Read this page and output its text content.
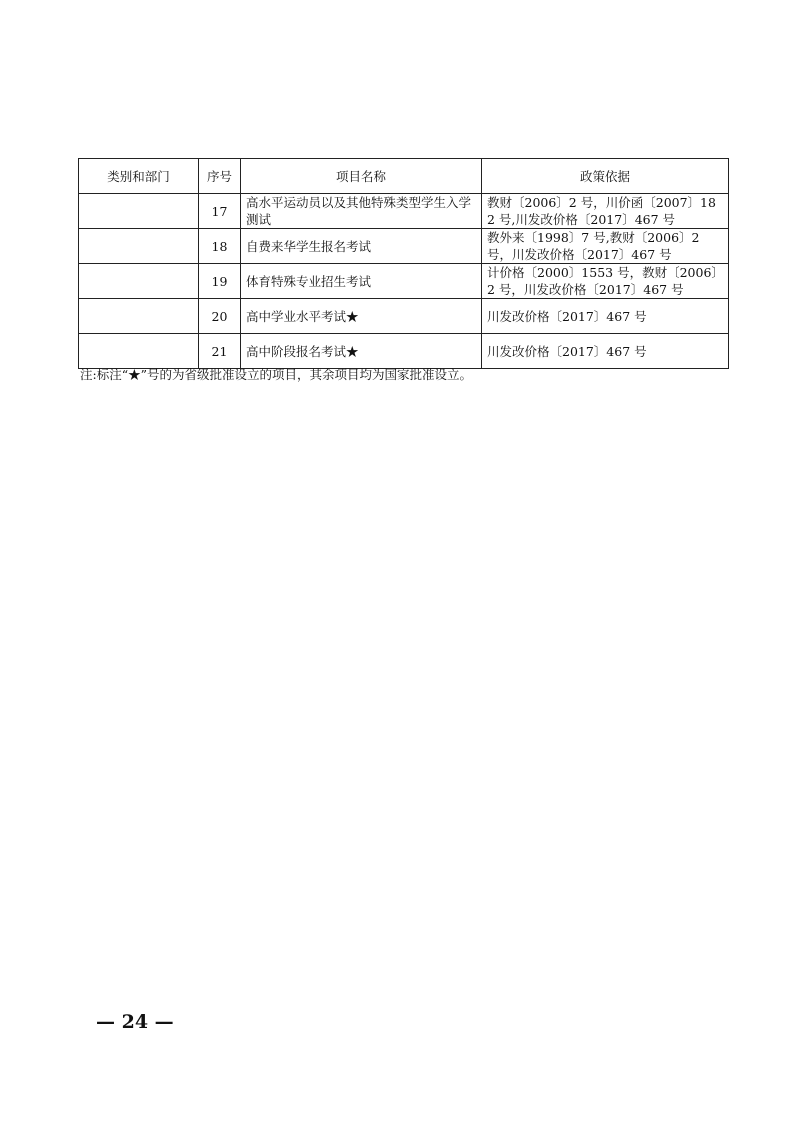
类别和部门	序号	项目名称	政策依据
	17	高水平运动员以及其他特殊类型学生入学测试	教财〔2006〕2 号，川价函〔2007〕182 号,川发改价格〔2017〕467 号
	18	自费来华学生报名考试	教外来〔1998〕7 号,教财〔2006〕2 号，川发改价格〔2017〕467 号
	19	体育特殊专业招生考试	计价格〔2000〕1553 号，教财〔2006〕2 号，川发改价格〔2017〕467 号
	20	高中学业水平考试★	川发改价格〔2017〕467 号
	21	高中阶段报名考试★	川发改价格〔2017〕467 号
注:标注“★”号的为省级批准设立的项目，其余项目均为国家批准设立。
— 24 —
